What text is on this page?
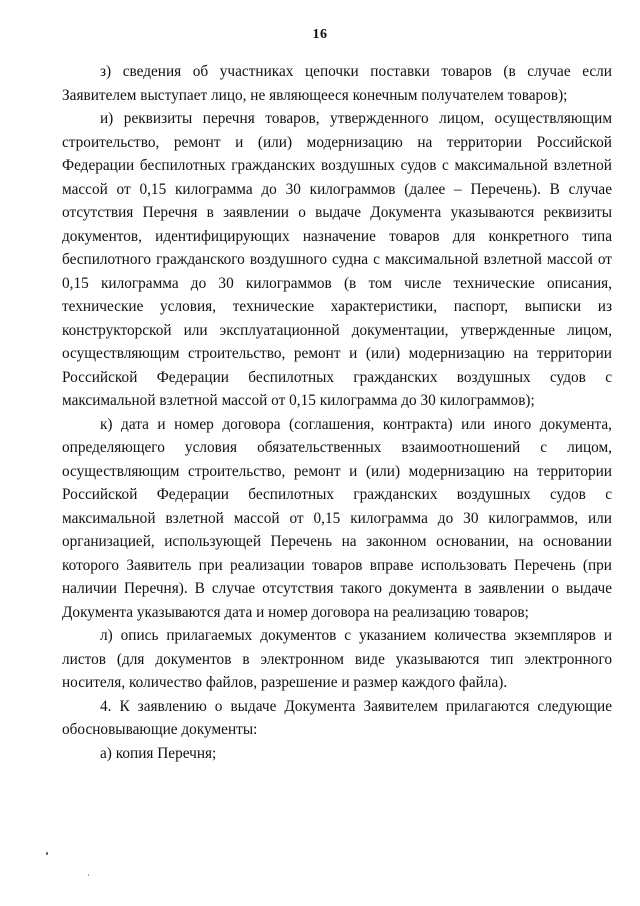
16

з) сведения об участниках цепочки поставки товаров (в случае если Заявителем выступает лицо, не являющееся конечным получателем товаров);

и) реквизиты перечня товаров, утвержденного лицом, осуществляющим строительство, ремонт и (или) модернизацию на территории Российской Федерации беспилотных гражданских воздушных судов с максимальной взлетной массой от 0,15 килограмма до 30 килограммов (далее – Перечень). В случае отсутствия Перечня в заявлении о выдаче Документа указываются реквизиты документов, идентифицирующих назначение товаров для конкретного типа беспилотного гражданского воздушного судна с максимальной взлетной массой от 0,15 килограмма до 30 килограммов (в том числе технические описания, технические условия, технические характеристики, паспорт, выписки из конструкторской или эксплуатационной документации, утвержденные лицом, осуществляющим строительство, ремонт и (или) модернизацию на территории Российской Федерации беспилотных гражданских воздушных судов с максимальной взлетной массой от 0,15 килограмма до 30 килограммов);

к) дата и номер договора (соглашения, контракта) или иного документа, определяющего условия обязательственных взаимоотношений с лицом, осуществляющим строительство, ремонт и (или) модернизацию на территории Российской Федерации беспилотных гражданских воздушных судов с максимальной взлетной массой от 0,15 килограмма до 30 килограммов, или организацией, использующей Перечень на законном основании, на основании которого Заявитель при реализации товаров вправе использовать Перечень (при наличии Перечня). В случае отсутствия такого документа в заявлении о выдаче Документа указываются дата и номер договора на реализацию товаров;

л) опись прилагаемых документов с указанием количества экземпляров и листов (для документов в электронном виде указываются тип электронного носителя, количество файлов, разрешение и размер каждого файла).

4. К заявлению о выдаче Документа Заявителем прилагаются следующие обосновывающие документы:

а) копия Перечня;
